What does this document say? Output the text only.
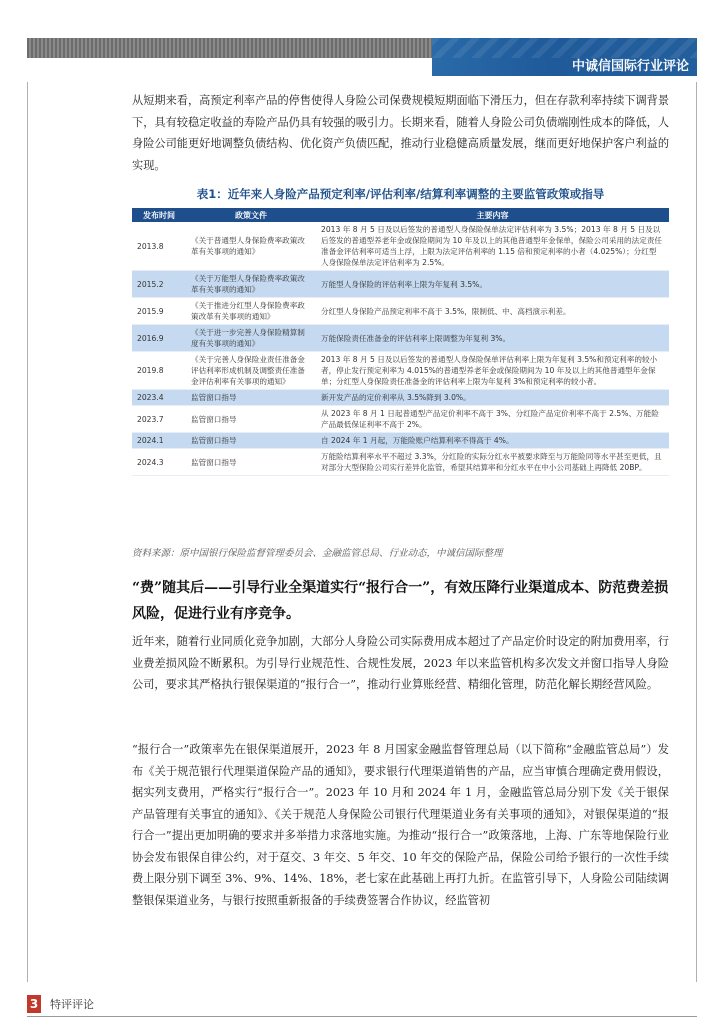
中诚信国际行业评论

从短期来看，高预定利率产品的停售使得人身险公司保费规模短期面临下滑压力，但在存款利率持续下调背景下，具有较稳定收益的寿险产品仍具有较强的吸引力。长期来看，随着人身险公司负债端刚性成本的降低，人身险公司能更好地调整负债结构、优化资产负债匹配，推动行业稳健高质量发展，继而更好地保护客户利益的实现。

表1：近年来人身险产品预定利率/评估利率/结算利率调整的主要监管政策或指导
发布时间	政策文件	主要内容
2013.8	《关于普通型人身保险费率政策改革有关事项的通知》	2013 年 8 月 5 日及以后签发的普通型人身保险保单法定评估利率为 3.5%；2013 年 8 月 5 日及以后签发的普通型养老年金或保险期间为 10 年及以上的其他普通型年金保单，保险公司采用的法定责任准备金评估利率可适当上浮，上限为法定评估利率的 1.15 倍和预定利率的小者（4.025%）；分红型人身保险保单法定评估利率为 2.5%。
2015.2	《关于万能型人身保险费率政策改革有关事项的通知》	万能型人身保险的评估利率上限为年复利 3.5%。
2015.9	《关于推进分红型人身保险费率政策改革有关事项的通知》	分红型人身保险产品预定利率不高于 3.5%，限制低、中、高档演示利差。
2016.9	《关于进一步完善人身保险精算制度有关事项的通知》	万能保险责任准备金的评估利率上限调整为年复利 3%。
2019.8	《关于完善人身保险业责任准备金评估利率形成机制及调整责任准备金评估利率有关事项的通知》	2013 年 8 月 5 日及以后签发的普通型人身保险保单评估利率上限为年复利 3.5%和预定利率的较小者，停止发行预定利率为 4.015%的普通型养老年金或保险期间为 10 年及以上的其他普通型年金保单；分红型人身保险责任准备金的评估利率上限为年复利 3%和预定利率的较小者。
2023.4	监管窗口指导	新开发产品的定价利率从 3.5%降到 3.0%。
2023.7	监管窗口指导	从 2023 年 8 月 1 日起普通型产品定价利率不高于 3%、分红险产品定价利率不高于 2.5%、万能险产品最低保证利率不高于 2%。
2024.1	监管窗口指导	自 2024 年 1 月起，万能险账户结算利率不得高于 4%。
2024.3	监管窗口指导	万能险结算利率水平不超过 3.3%，分红险的实际分红水平被要求降至与万能险同等水平甚至更低，且对部分大型保险公司实行差异化监管，希望其结算率和分红水平在中小公司基础上再降低 20BP。
资料来源：原中国银行保险监督管理委员会、金融监管总局、行业动态，中诚信国际整理

“费”随其后——引导行业全渠道实行“报行合一”，有效压降行业渠道成本、防范费差损风险，促进行业有序竞争。

近年来，随着行业同质化竞争加剧，大部分人身险公司实际费用成本超过了产品定价时设定的附加费用率，行业费差损风险不断累积。为引导行业规范性、合规性发展，2023 年以来监管机构多次发文并窗口指导人身险公司，要求其严格执行银保渠道的“报行合一”，推动行业算账经营、精细化管理，防范化解长期经营风险。

“报行合一”政策率先在银保渠道展开，2023 年 8 月国家金融监督管理总局（以下简称“金融监管总局”）发布《关于规范银行代理渠道保险产品的通知》，要求银行代理渠道销售的产品，应当审慎合理确定费用假设，据实列支费用，严格实行“报行合一”。2023 年 10 月和 2024 年 1 月，金融监管总局分别下发《关于银保产品管理有关事宜的通知》、《关于规范人身保险公司银行代理渠道业务有关事项的通知》，对银保渠道的“报行合一”提出更加明确的要求并多举措力求落地实施。为推动“报行合一”政策落地，上海、广东等地保险行业协会发布银保自律公约，对于趸交、3 年交、5 年交、10 年交的保险产品，保险公司给予银行的一次性手续费上限分别下调至 3%、9%、14%、18%，老七家在此基础上再打九折。在监管引导下，人身险公司陆续调整银保渠道业务，与银行按照重新报备的手续费签署合作协议，经监管初

3 特评评论
